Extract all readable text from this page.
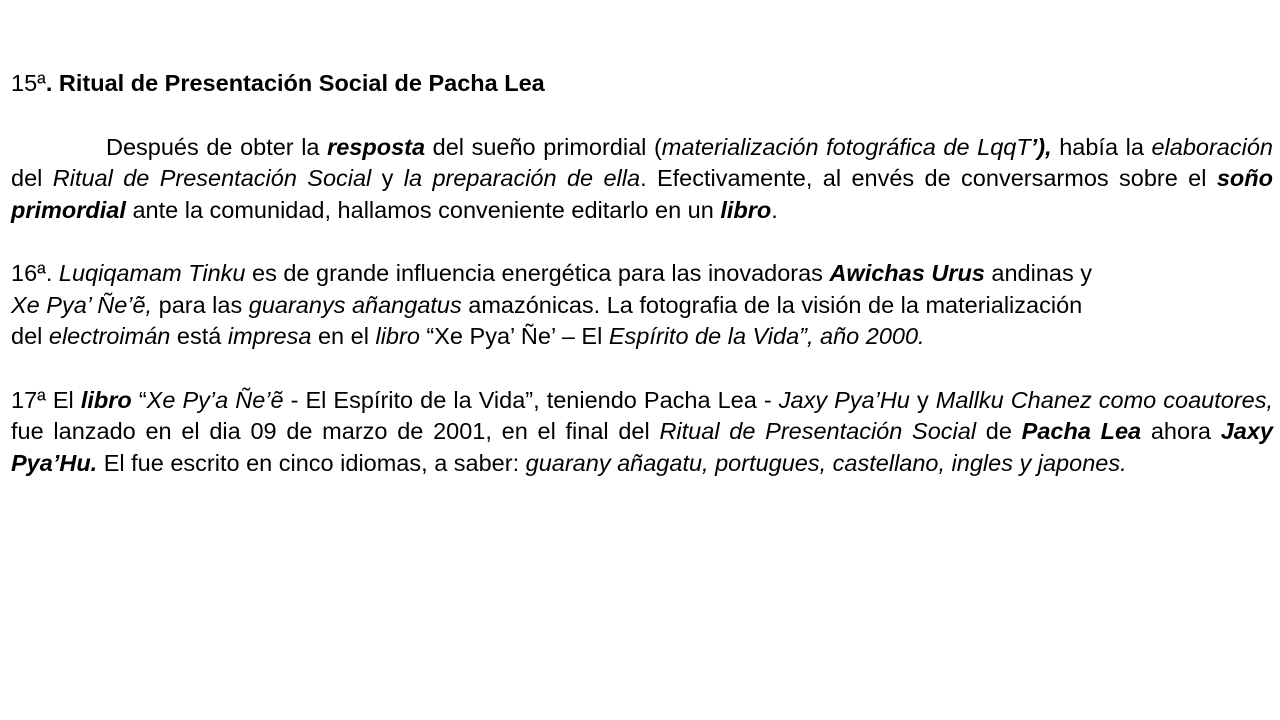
15ª. Ritual de Presentación Social de Pacha Lea

Después de obter la resposta del sueño primordial (materialización fotográfica de LqqT’), había la elaboración del Ritual de Presentación Social y la preparación de ella. Efectivamente, al envés de conversarmos sobre el soño primordial ante la comunidad, hallamos conveniente editarlo en un libro.

16ª. Luqiqamam Tinku es de grande influencia energética para las inovadoras Awichas Urus andinas y
Xe Pya’ Ñe’ẽ, para las guaranys añangatus amazónicas. La fotografia de la visión de la materialización
del electroimán está impresa en el libro “Xe Pya’ Ñe’ – El Espírito de la Vida”, año 2000.

17ª El libro “Xe Py’a Ñe’ẽ - El Espírito de la Vida”, teniendo Pacha Lea - Jaxy Pya’Hu y Mallku Chanez como coautores, fue lanzado en el dia 09 de marzo de 2001, en el final del Ritual de Presentación Social de Pacha Lea ahora Jaxy Pya’Hu. El fue escrito en cinco idiomas, a saber: guarany añagatu, portugues, castellano, ingles y japones.
